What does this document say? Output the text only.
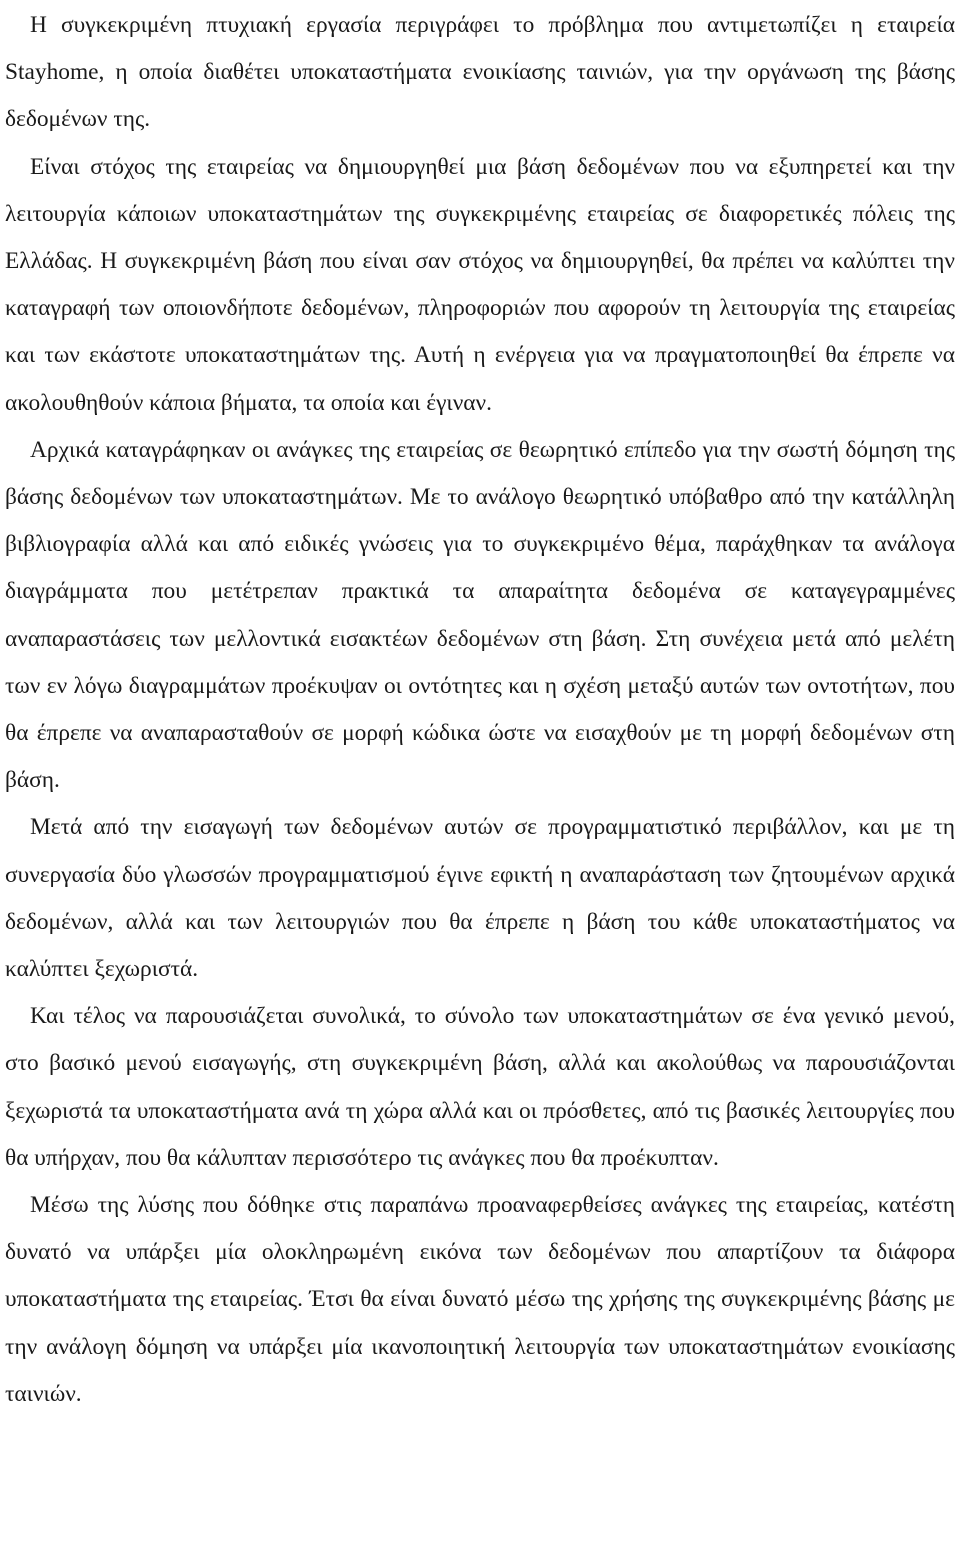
Η συγκεκριμένη πτυχιακή εργασία περιγράφει το πρόβλημα που αντιμετωπίζει η εταιρεία Stayhome, η οποία διαθέτει υποκαταστήματα ενοικίασης ταινιών, για την οργάνωση της βάσης δεδομένων της.

Είναι στόχος της εταιρείας να δημιουργηθεί μια βάση δεδομένων που να εξυπηρετεί και την λειτουργία κάποιων υποκαταστημάτων της συγκεκριμένης εταιρείας σε διαφορετικές πόλεις της Ελλάδας. Η συγκεκριμένη βάση που είναι σαν στόχος να δημιουργηθεί, θα πρέπει να καλύπτει την καταγραφή των οποιονδήποτε δεδομένων, πληροφοριών που αφορούν τη λειτουργία της εταιρείας και των εκάστοτε υποκαταστημάτων της. Αυτή η ενέργεια για να πραγματοποιηθεί θα έπρεπε να ακολουθηθούν κάποια βήματα, τα οποία και έγιναν.

Αρχικά καταγράφηκαν οι ανάγκες της εταιρείας σε θεωρητικό επίπεδο για την σωστή δόμηση της βάσης δεδομένων των υποκαταστημάτων. Με το ανάλογο θεωρητικό υπόβαθρο από την κατάλληλη βιβλιογραφία αλλά και από ειδικές γνώσεις για το συγκεκριμένο θέμα, παράχθηκαν τα ανάλογα διαγράμματα που μετέτρεπαν πρακτικά τα απαραίτητα δεδομένα σε καταγεγραμμένες αναπαραστάσεις των μελλοντικά εισακτέων δεδομένων στη βάση. Στη συνέχεια μετά από μελέτη των εν λόγω διαγραμμάτων προέκυψαν οι οντότητες και η σχέση μεταξύ αυτών των οντοτήτων, που θα έπρεπε να αναπαρασταθούν σε μορφή κώδικα ώστε να εισαχθούν με τη μορφή δεδομένων στη βάση.

Μετά από την εισαγωγή των δεδομένων αυτών σε προγραμματιστικό περιβάλλον, και με τη συνεργασία δύο γλωσσών προγραμματισμού έγινε εφικτή η αναπαράσταση των ζητουμένων αρχικά δεδομένων, αλλά και των λειτουργιών που θα έπρεπε η βάση του κάθε υποκαταστήματος να καλύπτει ξεχωριστά.

Και τέλος να παρουσιάζεται συνολικά, το σύνολο των υποκαταστημάτων σε ένα γενικό μενού, στο βασικό μενού εισαγωγής, στη συγκεκριμένη βάση, αλλά και ακολούθως να παρουσιάζονται ξεχωριστά τα υποκαταστήματα ανά τη χώρα αλλά και οι πρόσθετες, από τις βασικές λειτουργίες που θα υπήρχαν, που θα κάλυπταν περισσότερο τις ανάγκες που θα προέκυπταν.

Μέσω της λύσης που δόθηκε στις παραπάνω προαναφερθείσες ανάγκες της εταιρείας, κατέστη δυνατό να υπάρξει μία ολοκληρωμένη εικόνα των δεδομένων που απαρτίζουν τα διάφορα υποκαταστήματα της εταιρείας. Έτσι θα είναι δυνατό μέσω της χρήσης της συγκεκριμένης βάσης με την ανάλογη δόμηση να υπάρξει μία ικανοποιητική λειτουργία των υποκαταστημάτων ενοικίασης ταινιών.
